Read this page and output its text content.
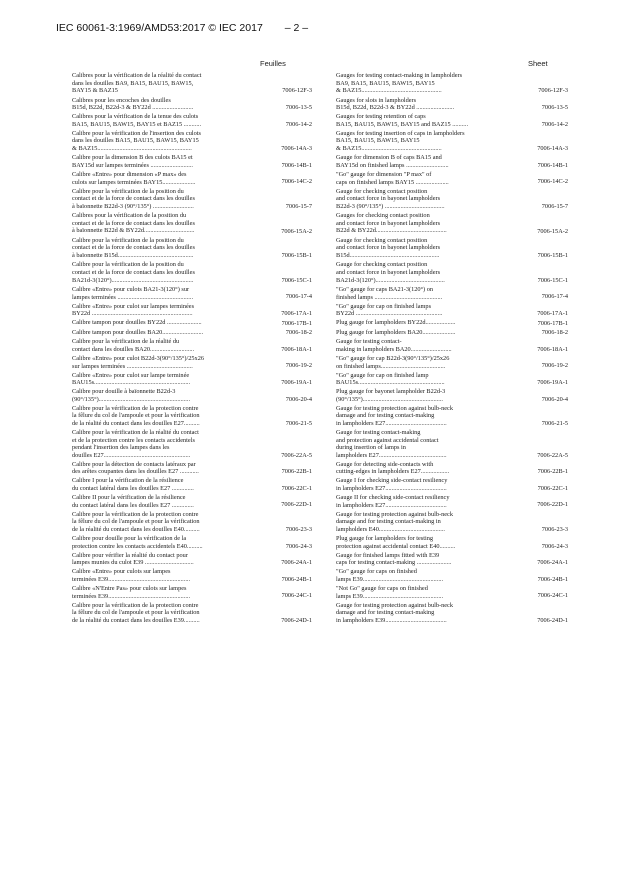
IEC 60061-3:1969/AMD53:2017 © IEC 2017 – 2 –
Feuilles	Sheet
Calibres pour la vérification de la réalité du contact
dans les douilles BA9, BA15, BAU15, BAW15,
BAY15 & BAZ15	7006-12F-3
Calibres pour les encoches des douilles
B15d, B22d, B22d-3 & BY22d ..........................	7006-13-5
Calibres pour la vérification de la tenue des culots
BA15, BAU15, BAW15, BAY15 et BAZ15 ...........	7006-14-2
Calibre pour la vérification de l'insertion des culots
dans les douilles BA15, BAU15, BAW15, BAY15
& BAZ15............................................................	7006-14A-3
Calibre pour la dimension B des culots BA15 et
BAY15d sur lampes terminées ...........................	7006-14B-1
Calibre «Entre» pour dimension «P max» des
culots sur lampes terminées BAY15.....................	7006-14C-2
Calibre pour la vérification de la position du
contact et de la force de contact dans les douilles
à baïonnette B22d-3 (90°/135°) ..........................	7006-15-7
Calibres pour la vérification de la position du
contact et de la force de contact dans les douilles
à baïonnette B22d & BY22d................................	7006-15A-2
Calibre pour la vérification de la position du
contact et de la force de contact dans les douilles
à baïonnette B15d................................................	7006-15B-1
Calibre pour la vérification de la position du
contact et de la force de contact dans les douilles
BA21d-3(120°)....................................................	7006-15C-1
Calibre «Entre» pour culots BA21-3(120°) sur
lampes terminées ................................................	7006-17-4
Calibre «Entre» pour culot sur lampes terminées
BY22d ................................................................	7006-17A-1
Calibre tampon pour douilles BY22d ......................	7006-17B-1
Calibre tampon pour douilles BA20..........................	7006-18-2
Calibre pour la vérification de la réalité du
contact dans les douilles BA20............................	7006-18A-1
Calibre «Entre» pour culot B22d-3(90°/135°)/25x26
sur lampes terminées ..........................................	7006-19-2
Calibre «Entre» pour culot sur lampe terminée
BAU15s.............................................................	7006-19A-1
Calibre pour douille à baïonnette B22d-3
(90°/135°)..........................................................	7006-20-4
Calibre pour la vérification de la protection contre
la fêlure du col de l'ampoule et pour la vérification
de la réalité du contact dans les douilles E27..........	7006-21-5
Calibre pour la vérification de la réalité du contact
et de la protection contre les contacts accidentels
pendant l'insertion des lampes dans les
douilles E27.......................................................	7006-22A-5
Calibre pour la détection de contacts latéraux par
des arêtes coupantes dans les douilles E27 ............	7006-22B-1
Calibre I pour la vérification de la résilience
du contact latéral dans les douilles E27 ..............	7006-22C-1
Calibre II pour la vérification de la résilience
du contact latéral dans les douilles E27 ..............	7006-22D-1
Calibre pour la vérification de la protection contre
la fêlure du col de l'ampoule et pour la vérification
de la réalité du contact dans les douilles E40..........	7006-23-3
Calibre pour douille pour la vérification de la
protection contre les contacts accidentels E40..........	7006-24-3
Calibre pour vérifier la réalité du contact pour
lampes munies du culot E39 ...............................	7006-24A-1
Calibre «Entre» pour culots sur lampes
terminées E39....................................................	7006-24B-1
Calibre «N'Entre Pas» pour culots sur lampes
terminées E39....................................................	7006-24C-1
Calibre pour la vérification de la protection contre
la fêlure du col de l'ampoule et pour la vérification
de la réalité du contact dans les douilles E39..........	7006-24D-1
Gauges for testing contact-making in lampholders
BA9, BA15, BAU15, BAW15, BAY15
& BAZ15...................................................	7006-12F-3
Gauges for slots in lampholders
B15d, B22d, B22d-3 & BY22d ........................	7006-13-5
Gauges for testing retention of caps
BA15, BAU15, BAW15, BAY15 and BAZ15 ..........	7006-14-2
Gauges for testing insertion of caps in lampholders
BA15, BAU15, BAW15, BAY15
& BAZ15...................................................	7006-14A-3
Gauge for dimension B of caps BA15 and
BAY15d on finished lamps ...........................	7006-14B-1
"Go" gauge for dimension "P max" of
caps on finished lamps BAY15 .....................	7006-14C-2
Gauge for checking contact position
and contact force in bayonet lampholders
B22d-3 (90°/135°) ......................................	7006-15-7
Gauges for checking contact position
and contact force in bayonet lampholders
B22d & BY22d.............................................	7006-15A-2
Gauge for checking contact position
and contact force in bayonet lampholders
B15d.........................................................	7006-15B-1
Gauge for checking contact position
and contact force in bayonet lampholders
BA21d-3(120°)............................................	7006-15C-1
"Go" gauge for caps BA21-3(120°) on
finished lamps ...........................................	7006-17-4
"Go" gauge for cap on finished lamps
BY22d .......................................................	7006-17A-1
Plug gauge for lampholders BY22d...................	7006-17B-1
Plug gauge for lampholders BA20.....................	7006-18-2
Gauge for testing contact-
making in lampholders BA20..........................	7006-18A-1
"Go" gauge for cap B22d-3(90°/135°)/25x26
on finished lamps.........................................	7006-19-2
"Go" gauge for cap on finished lamp
BAU15s.......................................................	7006-19A-1
Plug gauge for bayonet lampholder B22d-3
(90°/135°)...................................................	7006-20-4
Gauge for testing protection against bulb-neck
damage and for testing contact-making
in lampholders E27.......................................	7006-21-5
Gauge for testing contact-making
and protection against accidental contact
during insertion of lamps in
lampholders E27...........................................	7006-22A-5
Gauge for detecting side-contacts with
cutting-edges in lampholders E27..................	7006-22B-1
Gauge I for checking side-contact resiliency
in lampholders E27.......................................	7006-22C-1
Gauge II for checking side-contact resiliency
in lampholders E27.......................................	7006-22D-1
Gauge for testing protection against bulb-neck
damage and for testing contact-making in
lampholders E40..........................................	7006-23-3
Plug gauge for lampholders for testing
protection against accidental contact E40..........	7006-24-3
Gauge for finished lamps fitted with E39
caps for testing contact-making ......................	7006-24A-1
"Go" gauge for caps on finished
lamps E39...................................................	7006-24B-1
"Not Go" gauge for caps on finished
lamps E39...................................................	7006-24C-1
Gauge for testing protection against bulb-neck
damage and for testing contact-making
in lampholders E39.......................................	7006-24D-1
